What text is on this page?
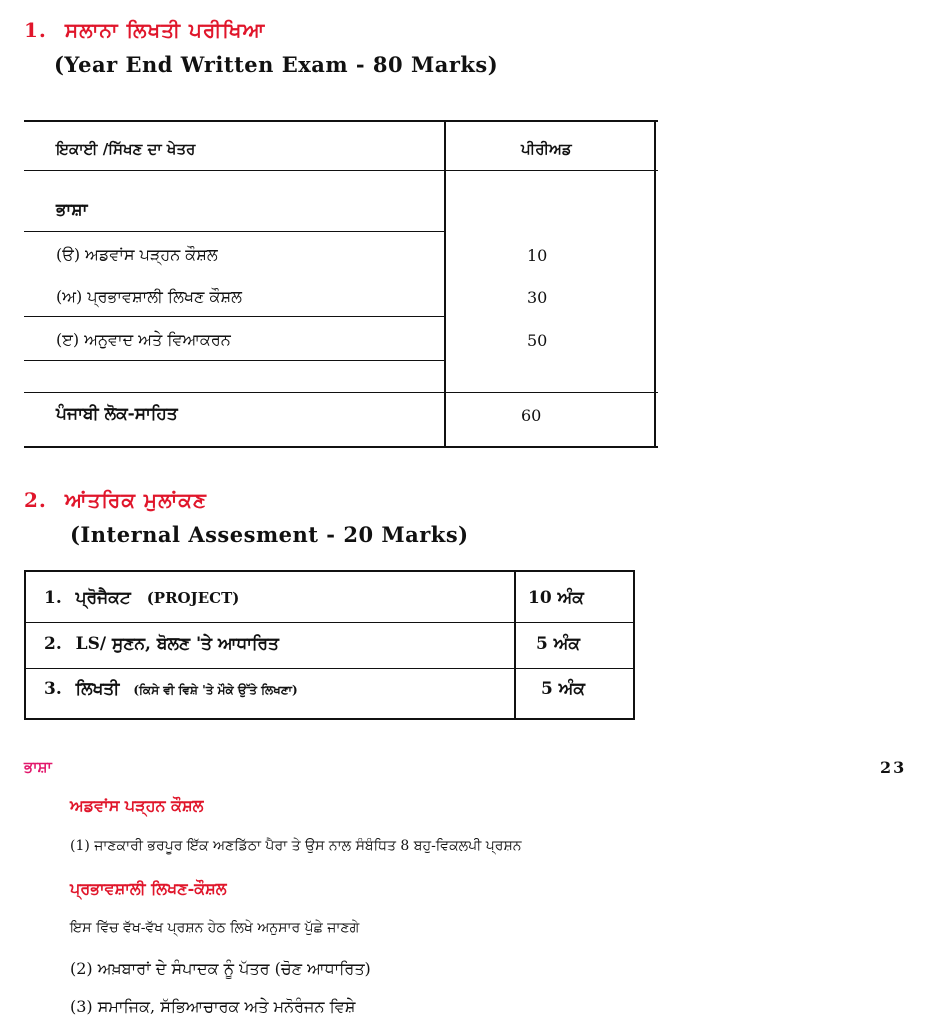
1. ਸਲਾਨਾ ਲਿਖਤੀ ਪਰੀਖਿਆ
(Year End Written Exam - 80 Marks)
ਇਕਾਈ /ਸਿੱਖਣ ਦਾ ਖੇਤਰ	ਪੀਰੀਅਡ
ਭਾਸ਼ਾ
(ੳ) ਅਡਵਾਂਸ ਪੜ੍ਹਨ ਕੌਸ਼ਲ	10
(ਅ) ਪ੍ਰਭਾਵਸ਼ਾਲੀ ਲਿਖਣ ਕੌਸ਼ਲ	30
(ੲ) ਅਨੁਵਾਦ ਅਤੇ ਵਿਆਕਰਨ	50
ਪੰਜਾਬੀ ਲੋਕ-ਸਾਹਿਤ	60
2. ਆਂਤਰਿਕ ਮੁਲਾਂਕਣ
(Internal Assesment - 20 Marks)
1. ਪ੍ਰੋਜੈਕਟ (PROJECT)	10 ਅੰਕ
2. LS/ ਸੁਣਨ, ਬੋਲਣ 'ਤੇ ਆਧਾਰਿਤ	5 ਅੰਕ
3. ਲਿਖਤੀ (ਕਿਸੇ ਵੀ ਵਿਸ਼ੇ 'ਤੇ ਮੌਕੇ ਉੱਤੇ ਲਿਖਣਾ)	5 ਅੰਕ
ਭਾਸ਼ਾ	23
ਅਡਵਾਂਸ ਪੜ੍ਹਨ ਕੌਸ਼ਲ
(1) ਜਾਣਕਾਰੀ ਭਰਪੂਰ ਇੱਕ ਅਣਡਿੱਠਾ ਪੈਰਾ ਤੇ ਉਸ ਨਾਲ ਸੰਬੰਧਿਤ 8 ਬਹੁ-ਵਿਕਲਪੀ ਪ੍ਰਸ਼ਨ
ਪ੍ਰਭਾਵਸ਼ਾਲੀ ਲਿਖਣ-ਕੌਸ਼ਲ
ਇਸ ਵਿੱਚ ਵੱਖ-ਵੱਖ ਪ੍ਰਸ਼ਨ ਹੇਠ ਲਿਖੇ ਅਨੁਸਾਰ ਪੁੱਛੇ ਜਾਣਗੇ
(2) ਅਖ਼ਬਾਰਾਂ ਦੇ ਸੰਪਾਦਕ ਨੂੰ ਪੱਤਰ (ਚੋਣ ਆਧਾਰਿਤ)
(3) ਸਮਾਜਿਕ, ਸੱਭਿਆਚਾਰਕ ਅਤੇ ਮਨੋਰੰਜਨ ਵਿਸ਼ੇ
